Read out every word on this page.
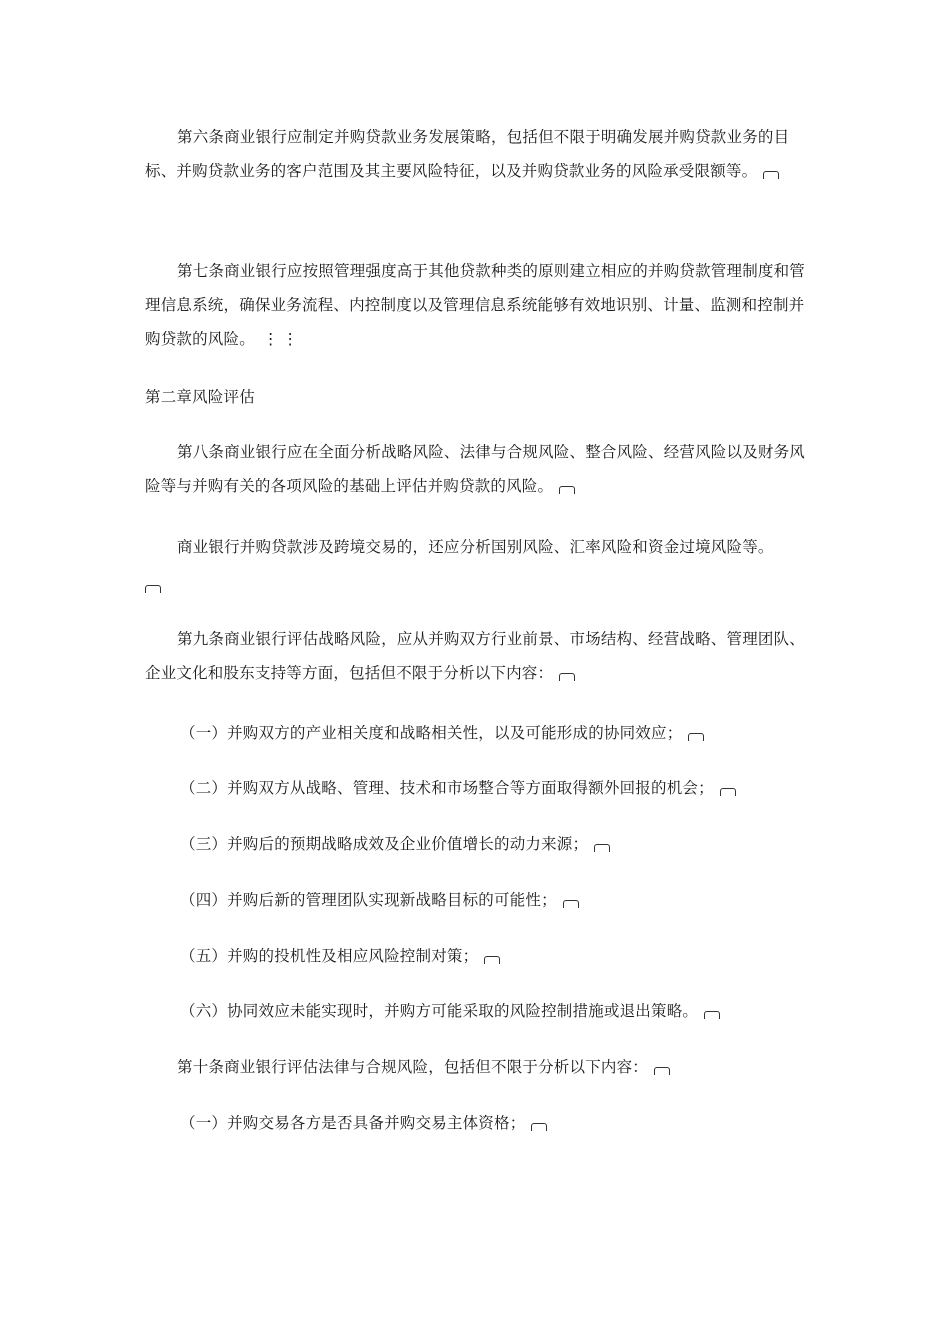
第六条商业银行应制定并购贷款业务发展策略，包括但不限于明确发展并购贷款业务的目标、并购贷款业务的客户范围及其主要风险特征，以及并购贷款业务的风险承受限额等。

第七条商业银行应按照管理强度高于其他贷款种类的原则建立相应的并购贷款管理制度和管理信息系统，确保业务流程、内控制度以及管理信息系统能够有效地识别、计量、监测和控制并购贷款的风险。 ⋮⋮

第二章风险评估

第八条商业银行应在全面分析战略风险、法律与合规风险、整合风险、经营风险以及财务风险等与并购有关的各项风险的基础上评估并购贷款的风险。

商业银行并购贷款涉及跨境交易的，还应分析国别风险、汇率风险和资金过境风险等。

第九条商业银行评估战略风险，应从并购双方行业前景、市场结构、经营战略、管理团队、企业文化和股东支持等方面，包括但不限于分析以下内容：

（一）并购双方的产业相关度和战略相关性，以及可能形成的协同效应；

（二）并购双方从战略、管理、技术和市场整合等方面取得额外回报的机会；

（三）并购后的预期战略成效及企业价值增长的动力来源；

（四）并购后新的管理团队实现新战略目标的可能性；

（五）并购的投机性及相应风险控制对策；

（六）协同效应未能实现时，并购方可能采取的风险控制措施或退出策略。

第十条商业银行评估法律与合规风险，包括但不限于分析以下内容：

（一）并购交易各方是否具备并购交易主体资格；
